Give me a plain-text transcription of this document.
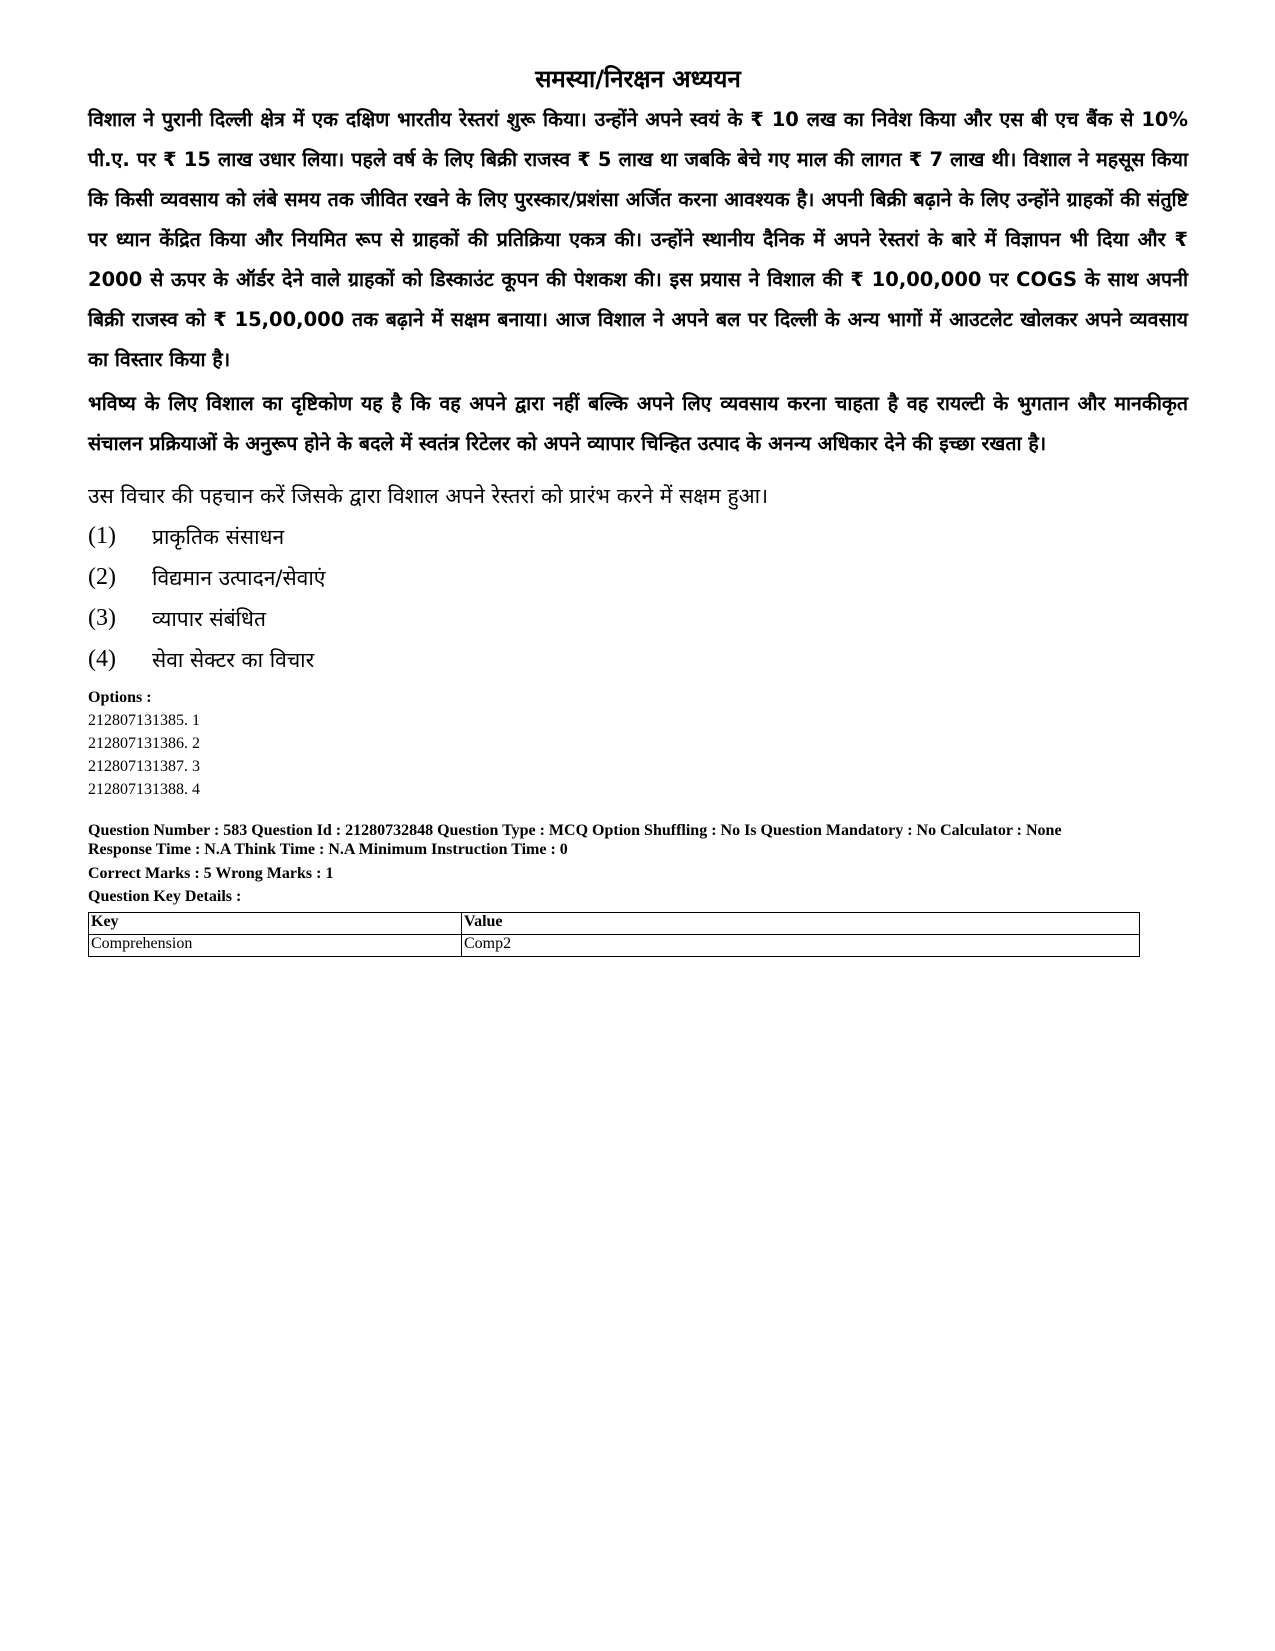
समस्या/निरक्षन अध्ययन

विशाल ने पुरानी दिल्ली क्षेत्र में एक दक्षिण भारतीय रेस्तरां शुरू किया। उन्होंने अपने स्वयं के ₹ 10 लख का निवेश किया और एस बी एच बैंक से 10% पी.ए. पर ₹ 15 लाख उधार लिया। पहले वर्ष के लिए बिक्री राजस्व ₹ 5 लाख था जबकि बेचे गए माल की लागत ₹ 7 लाख थी। विशाल ने महसूस किया कि किसी व्यवसाय को लंबे समय तक जीवित रखने के लिए पुरस्कार/प्रशंसा अर्जित करना आवश्यक है। अपनी बिक्री बढ़ाने के लिए उन्होंने ग्राहकों की संतुष्टि पर ध्यान केंद्रित किया और नियमित रूप से ग्राहकों की प्रतिक्रिया एकत्र की। उन्होंने स्थानीय दैनिक में अपने रेस्तरां के बारे में विज्ञापन भी दिया और ₹ 2000 से ऊपर के ऑर्डर देने वाले ग्राहकों को डिस्काउंट कूपन की पेशकश की। इस प्रयास ने विशाल की ₹ 10,00,000 पर COGS के साथ अपनी बिक्री राजस्व को ₹ 15,00,000 तक बढ़ाने में सक्षम बनाया। आज विशाल ने अपने बल पर दिल्ली के अन्य भागों में आउटलेट खोलकर अपने व्यवसाय का विस्तार किया है।

भविष्य के लिए विशाल का दृष्टिकोण यह है कि वह अपने द्वारा नहीं बल्कि अपने लिए व्यवसाय करना चाहता है वह रायल्टी के भुगतान और मानकीकृत संचालन प्रक्रियाओं के अनुरूप होने के बदले में स्वतंत्र रिटेलर को अपने व्यापार चिन्हित उत्पाद के अनन्य अधिकार देने की इच्छा रखता है।

उस विचार की पहचान करें जिसके द्वारा विशाल अपने रेस्तरां को प्रारंभ करने में सक्षम हुआ।
(1)	प्राकृतिक संसाधन
(2)	विद्यमान उत्पादन/सेवाएं
(3)	व्यापार संबंधित
(4)	सेवा सेक्टर का विचार
Options :
212807131385. 1
212807131386. 2
212807131387. 3
212807131388. 4
Question Number : 583 Question Id : 21280732848 Question Type : MCQ Option Shuffling : No Is Question Mandatory : No Calculator : None
Response Time : N.A Think Time : N.A Minimum Instruction Time : 0
Correct Marks : 5 Wrong Marks : 1
Question Key Details :
Key	Value
Comprehension	Comp2
